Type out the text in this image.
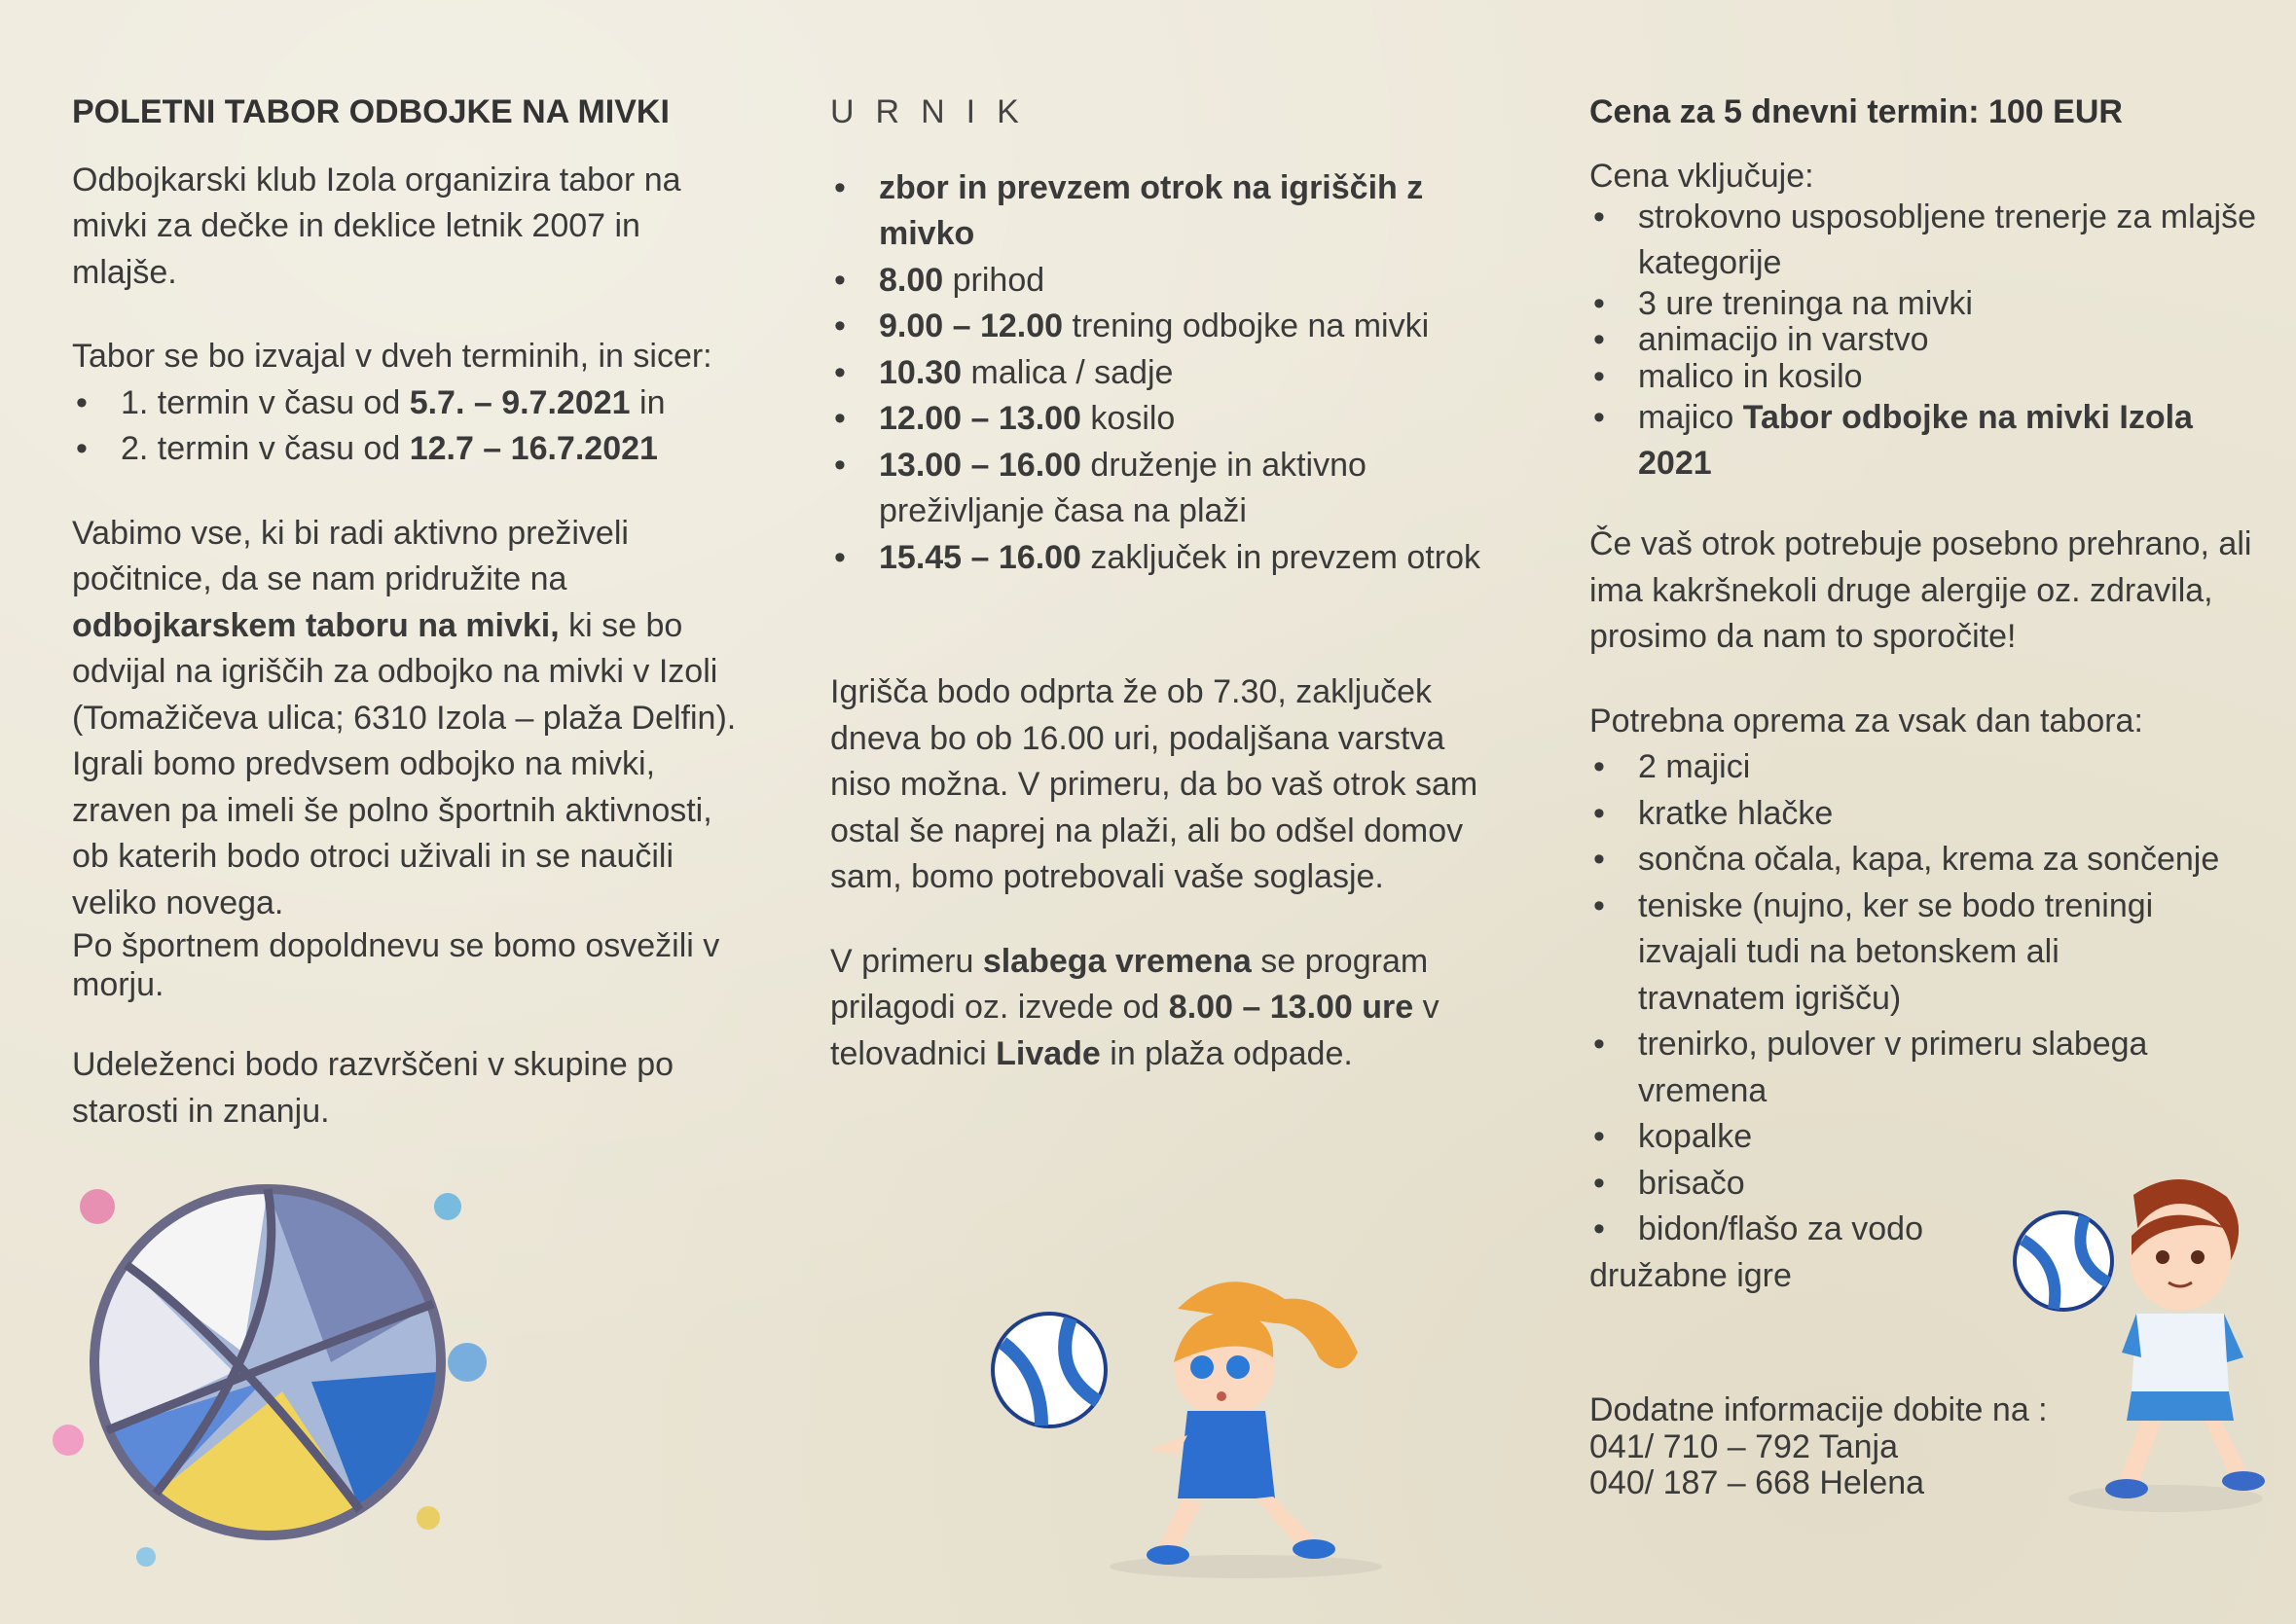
POLETNI TABOR ODBOJKE NA MIVKI

Odbojkarski klub Izola organizira tabor na mivki za dečke in deklice letnik 2007 in mlajše.

Tabor se bo izvajal v dveh terminih, in sicer:

• 1. termin v času od 5.7. – 9.7.2021 in
• 2. termin v času od 12.7 – 16.7.2021

Vabimo vse, ki bi radi aktivno preživeli počitnice, da se nam pridružite na odbojkarskem taboru na mivki, ki se bo odvijal na igriščih za odbojko na mivki v Izoli (Tomažičeva ulica; 6310 Izola – plaža Delfin). Igrali bomo predvsem odbojko na mivki, zraven pa imeli še polno športnih aktivnosti, ob katerih bodo otroci uživali in se naučili veliko novega.

Po športnem dopoldnevu se bomo osvežili v morju.

Udeleženci bodo razvrščeni v skupine po starosti in znanju.

URNIK
• zbor in prevzem otrok na igriščih z mivko
• 8.00 prihod
• 9.00 – 12.00 trening odbojke na mivki
• 10.30 malica / sadje
• 12.00 – 13.00 kosilo
• 13.00 – 16.00 druženje in aktivno preživljanje časa na plaži
• 15.45 – 16.00 zaključek in prevzem otrok

Igrišča bodo odprta že ob 7.30, zaključek dneva bo ob 16.00 uri, podaljšana varstva niso možna. V primeru, da bo vaš otrok sam ostal še naprej na plaži, ali bo odšel domov sam, bomo potrebovali vaše soglasje.

V primeru slabega vremena se program prilagodi oz. izvede od 8.00 – 13.00 ure v telovadnici Livade in plaža odpade.

Cena za 5 dnevni termin: 100 EUR

Cena vključuje:

• strokovno usposobljene trenerje za mlajše kategorije
• 3 ure treninga na mivki
• animacijo in varstvo
• malico in kosilo
• majico Tabor odbojke na mivki Izola 2021

Če vaš otrok potrebuje posebno prehrano, ali ima kakršnekoli druge alergije oz. zdravila, prosimo da nam to sporočite!

Potrebna oprema za vsak dan tabora:

• 2 majici
• kratke hlačke
• sončna očala, kapa, krema za sončenje
• teniske (nujno, ker se bodo treningi izvajali tudi na betonskem ali travnatem igrišču)
• trenirko, pulover v primeru slabega vremena
• kopalke
• brisačo
• bidon/flašo za vodo

družabne igre

Dodatne informacije dobite na :
041/ 710 – 792 Tanja
040/ 187 – 668 Helena
